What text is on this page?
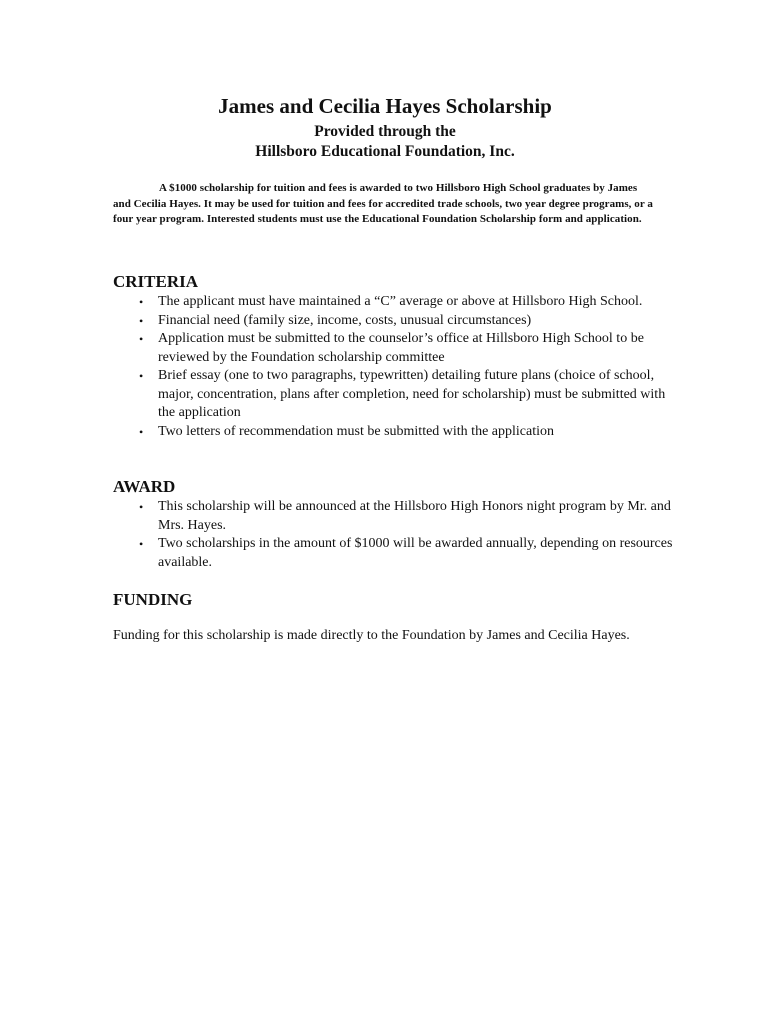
James and Cecilia Hayes Scholarship

Provided through the

Hillsboro Educational Foundation, Inc.

A $1000 scholarship for tuition and fees is awarded to two Hillsboro High School graduates by James and Cecilia Hayes. It may be used for tuition and fees for accredited trade schools, two year degree programs, or a four year program. Interested students must use the Educational Foundation Scholarship form and application.

CRITERIA
• The applicant must have maintained a “C” average or above at Hillsboro High School.
• Financial need (family size, income, costs, unusual circumstances)
• Application must be submitted to the counselor’s office at Hillsboro High School to be reviewed by the Foundation scholarship committee
• Brief essay (one to two paragraphs, typewritten) detailing future plans (choice of school, major, concentration, plans after completion, need for scholarship) must be submitted with the application
• Two letters of recommendation must be submitted with the application
AWARD
• This scholarship will be announced at the Hillsboro High Honors night program by Mr. and Mrs. Hayes.
• Two scholarships in the amount of $1000 will be awarded annually, depending on resources available.
FUNDING

Funding for this scholarship is made directly to the Foundation by James and Cecilia Hayes.
